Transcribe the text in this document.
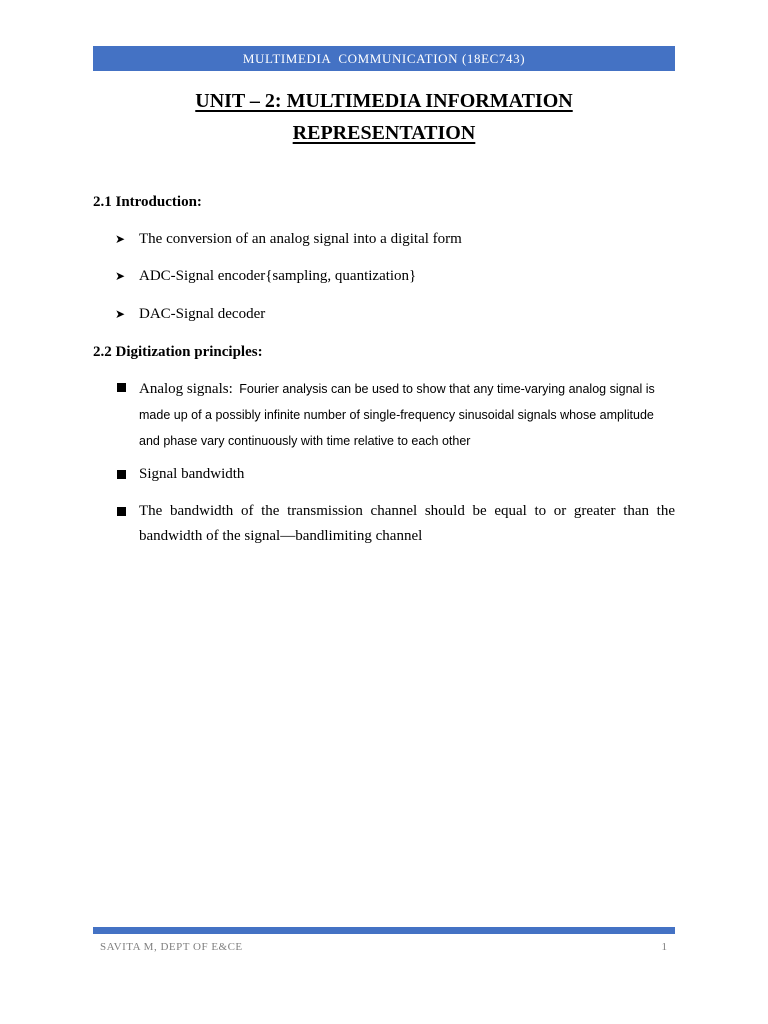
MULTIMEDIA  COMMUNICATION (18EC743)
UNIT – 2: MULTIMEDIA INFORMATION
REPRESENTATION
2.1 Introduction:
➤ The conversion of an analog signal into a digital form
➤ ADC-Signal encoder{sampling, quantization}
➤ DAC-Signal decoder
2.2 Digitization principles:
Analog signals: Fourier analysis can be used to show that any time-varying analog signal is made up of a possibly infinite number of single-frequency sinusoidal signals whose amplitude and phase vary continuously with time relative to each other
Signal bandwidth
The bandwidth of the transmission channel should be equal to or greater than the bandwidth of the signal—bandlimiting channel
SAVITA M, DEPT OF E&CE	1
